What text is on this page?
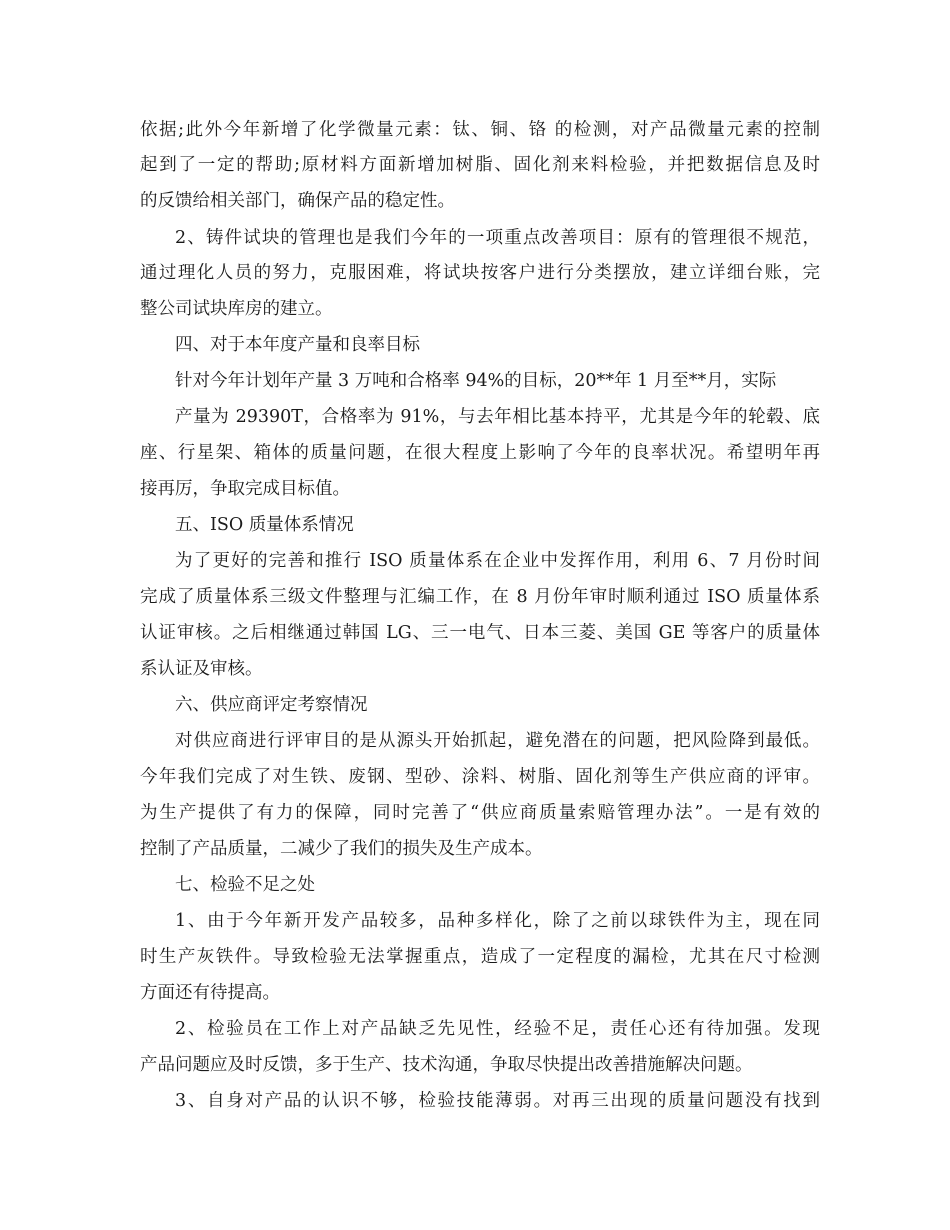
依据;此外今年新增了化学微量元素：钛、铜、铬 的检测，对产品微量元素的控制
起到了一定的帮助;原材料方面新增加树脂、固化剂来料检验，并把数据信息及时
的反馈给相关部门，确保产品的稳定性。
2、铸件试块的管理也是我们今年的一项重点改善项目：原有的管理很不规范，
通过理化人员的努力，克服困难，将试块按客户进行分类摆放，建立详细台账，完
整公司试块库房的建立。
四、对于本年度产量和良率目标
针对今年计划年产量 3 万吨和合格率 94%的目标，20**年 1 月至**月，实际
产量为 29390T，合格率为 91%，与去年相比基本持平，尤其是今年的轮毂、底
座、行星架、箱体的质量问题，在很大程度上影响了今年的良率状况。希望明年再
接再厉，争取完成目标值。
五、ISO 质量体系情况
为了更好的完善和推行 ISO 质量体系在企业中发挥作用，利用 6、7 月份时间
完成了质量体系三级文件整理与汇编工作，在 8 月份年审时顺利通过 ISO 质量体系
认证审核。之后相继通过韩国 LG、三一电气、日本三菱、美国 GE 等客户的质量体
系认证及审核。
六、供应商评定考察情况
对供应商进行评审目的是从源头开始抓起，避免潜在的问题，把风险降到最低。
今年我们完成了对生铁、废钢、型砂、涂料、树脂、固化剂等生产供应商的评审。
为生产提供了有力的保障，同时完善了“供应商质量索赔管理办法”。一是有效的
控制了产品质量，二减少了我们的损失及生产成本。
七、检验不足之处
1、由于今年新开发产品较多，品种多样化，除了之前以球铁件为主，现在同
时生产灰铁件。导致检验无法掌握重点，造成了一定程度的漏检，尤其在尺寸检测
方面还有待提高。
2、检验员在工作上对产品缺乏先见性，经验不足，责任心还有待加强。发现
产品问题应及时反馈，多于生产、技术沟通，争取尽快提出改善措施解决问题。
3、自身对产品的认识不够，检验技能薄弱。对再三出现的质量问题没有找到
